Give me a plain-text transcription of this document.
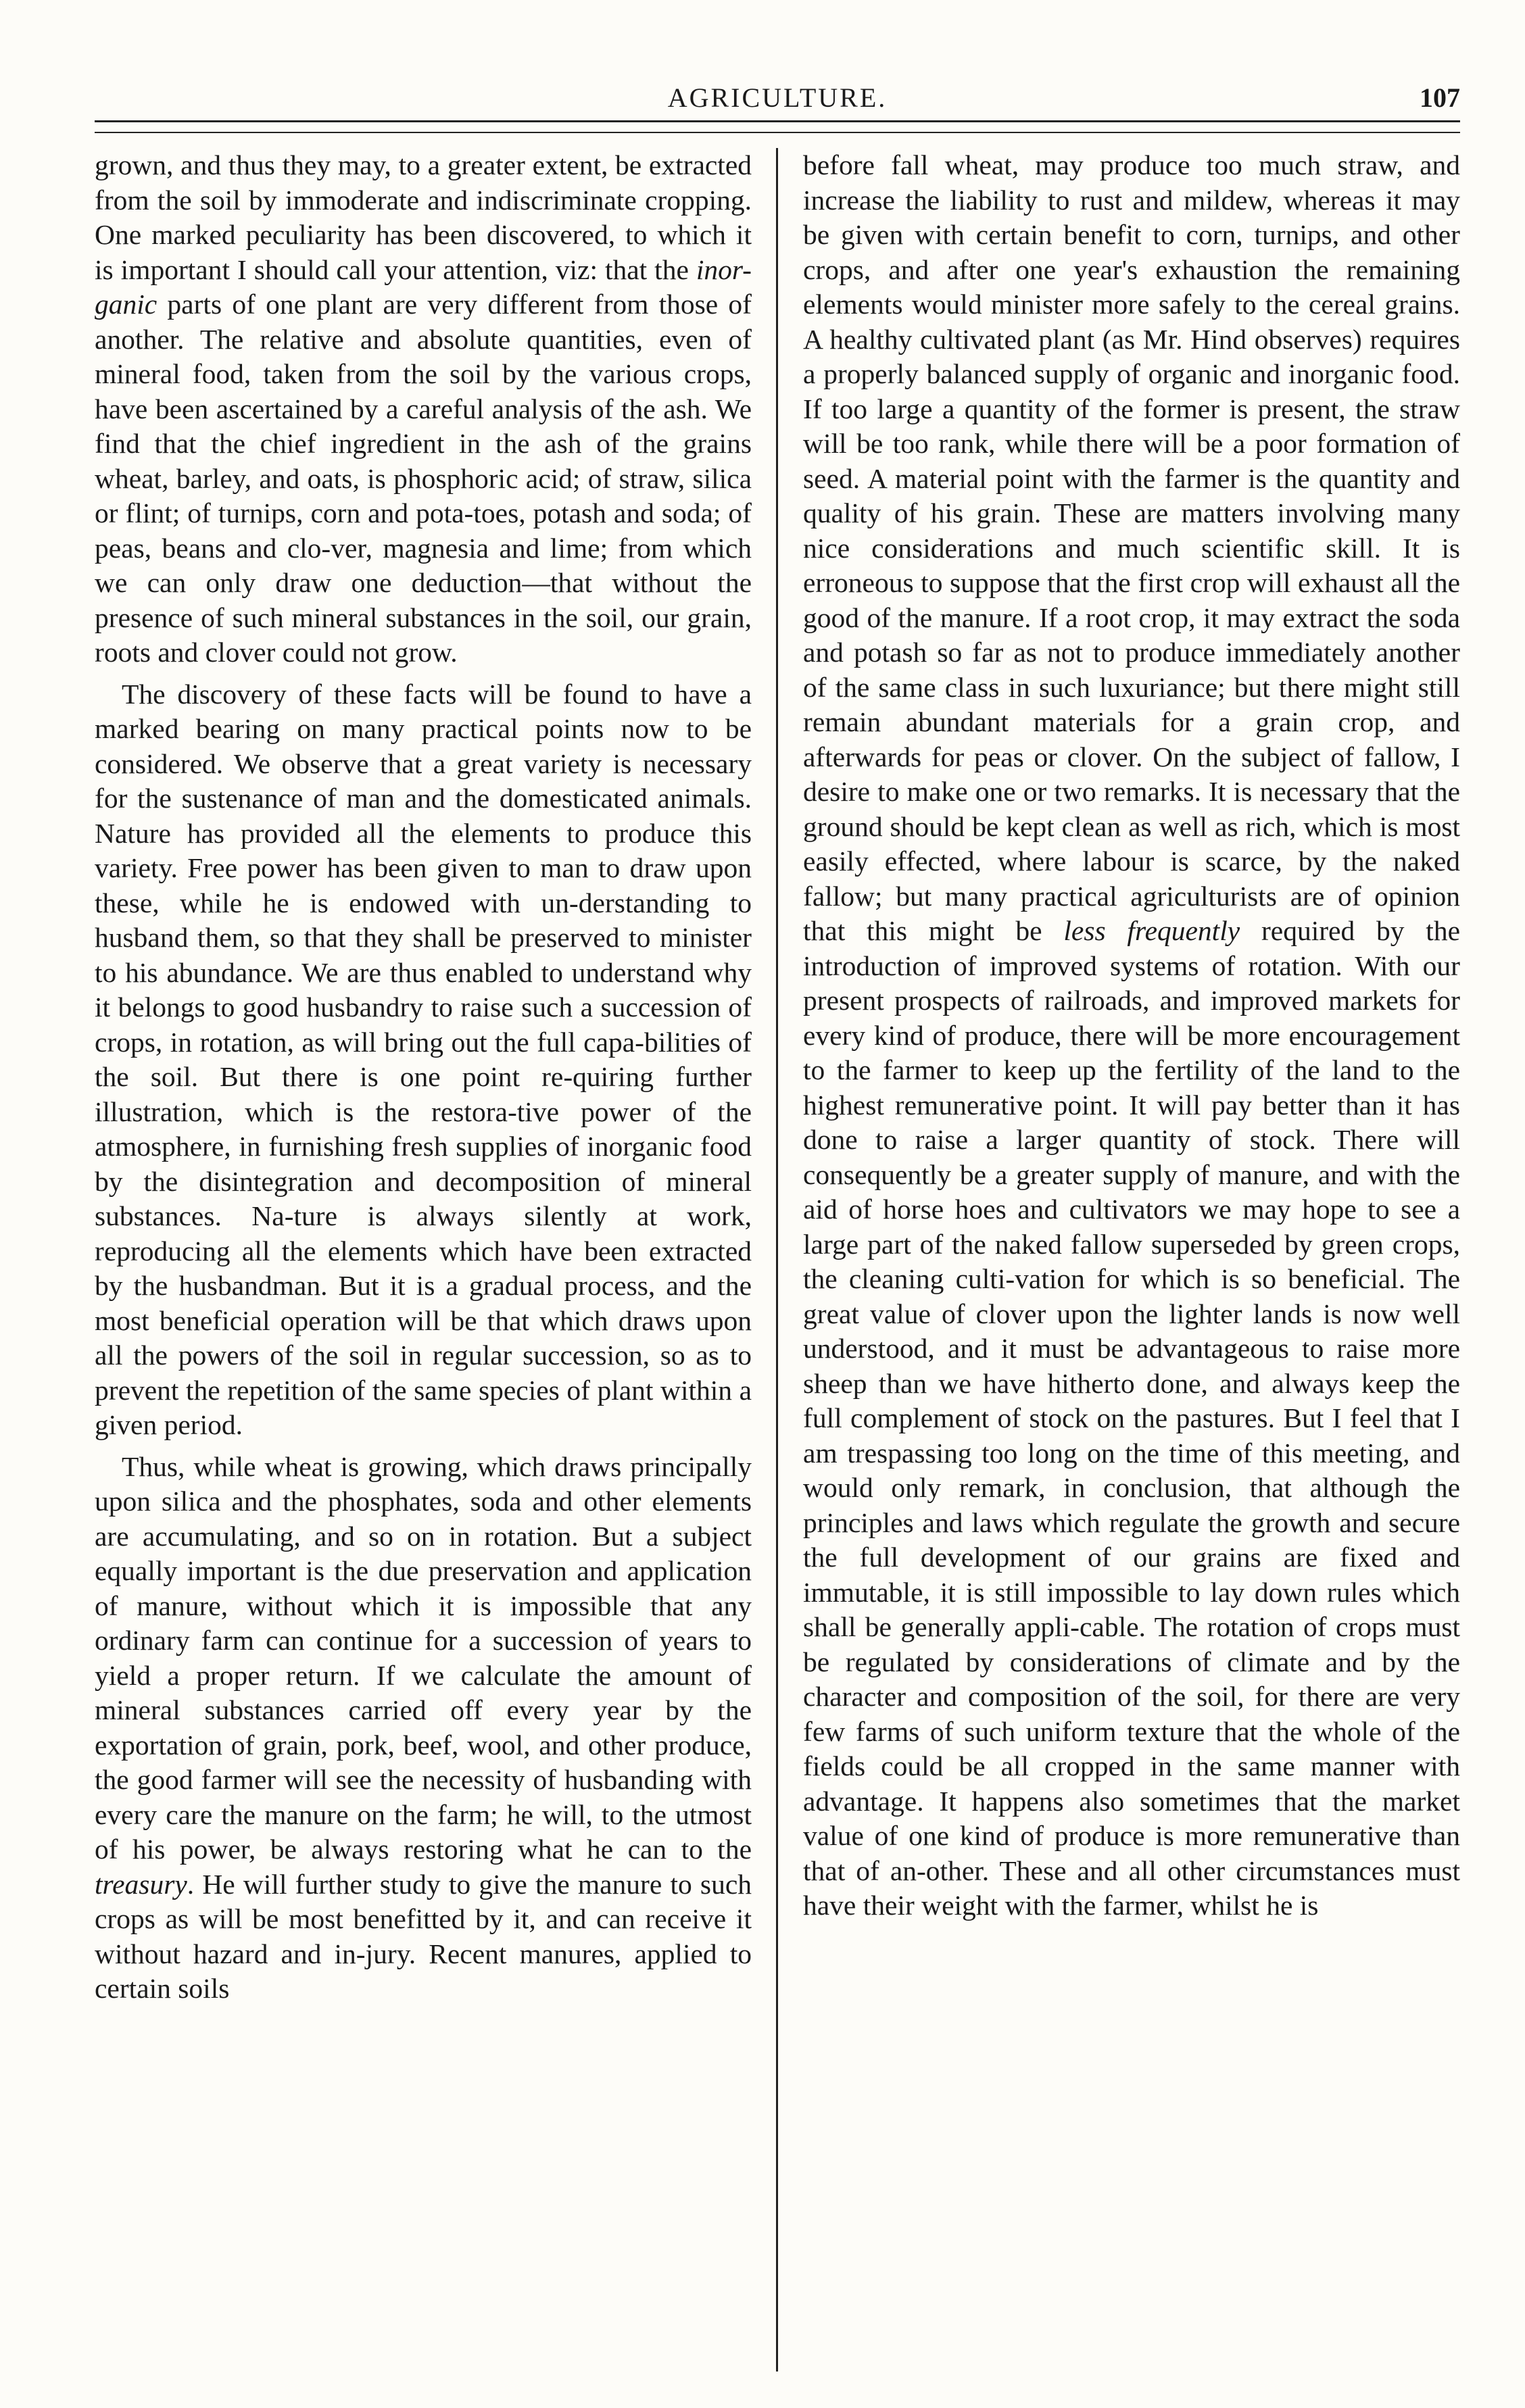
AGRICULTURE.	107

grown, and thus they may, to a greater extent, be extracted from the soil by immoderate and indiscriminate cropping. One marked peculiarity has been discovered, to which it is important I should call your attention, viz: that the inor-ganic parts of one plant are very different from those of another. The relative and absolute quantities, even of mineral food, taken from the soil by the various crops, have been ascertained by a careful analysis of the ash. We find that the chief ingredient in the ash of the grains wheat, barley, and oats, is phosphoric acid; of straw, silica or flint; of turnips, corn and pota-toes, potash and soda; of peas, beans and clo-ver, magnesia and lime; from which we can only draw one deduction—that without the presence of such mineral substances in the soil, our grain, roots and clover could not grow.

The discovery of these facts will be found to have a marked bearing on many practical points now to be considered. We observe that a great variety is necessary for the sustenance of man and the domesticated animals. Nature has provided all the elements to produce this variety. Free power has been given to man to draw upon these, while he is endowed with un-derstanding to husband them, so that they shall be preserved to minister to his abundance. We are thus enabled to understand why it belongs to good husbandry to raise such a succession of crops, in rotation, as will bring out the full capa-bilities of the soil. But there is one point re-quiring further illustration, which is the restora-tive power of the atmosphere, in furnishing fresh supplies of inorganic food by the disintegration and decomposition of mineral substances. Na-ture is always silently at work, reproducing all the elements which have been extracted by the husbandman. But it is a gradual process, and the most beneficial operation will be that which draws upon all the powers of the soil in regular succession, so as to prevent the repetition of the same species of plant within a given period.

Thus, while wheat is growing, which draws principally upon silica and the phosphates, soda and other elements are accumulating, and so on in rotation. But a subject equally important is the due preservation and application of manure, without which it is impossible that any ordinary farm can continue for a succession of years to yield a proper return. If we calculate the amount of mineral substances carried off every year by the exportation of grain, pork, beef, wool, and other produce, the good farmer will see the necessity of husbanding with every care the manure on the farm; he will, to the utmost of his power, be always restoring what he can to the treasury. He will further study to give the manure to such crops as will be most benefitted by it, and can receive it without hazard and in-jury. Recent manures, applied to certain soils

before fall wheat, may produce too much straw, and increase the liability to rust and mildew, whereas it may be given with certain benefit to corn, turnips, and other crops, and after one year's exhaustion the remaining elements would minister more safely to the cereal grains. A healthy cultivated plant (as Mr. Hind observes) requires a properly balanced supply of organic and inorganic food. If too large a quantity of the former is present, the straw will be too rank, while there will be a poor formation of seed. A material point with the farmer is the quantity and quality of his grain. These are matters involving many nice considerations and much scientific skill. It is erroneous to suppose that the first crop will exhaust all the good of the manure. If a root crop, it may extract the soda and potash so far as not to produce immediately another of the same class in such luxuriance; but there might still remain abundant materials for a grain crop, and afterwards for peas or clover. On the subject of fallow, I desire to make one or two remarks. It is necessary that the ground should be kept clean as well as rich, which is most easily effected, where labour is scarce, by the naked fallow; but many practical agriculturists are of opinion that this might be less frequently required by the introduction of improved systems of rotation. With our present prospects of railroads, and improved markets for every kind of produce, there will be more encouragement to the farmer to keep up the fertility of the land to the highest remunerative point. It will pay better than it has done to raise a larger quantity of stock. There will consequently be a greater supply of manure, and with the aid of horse hoes and cultivators we may hope to see a large part of the naked fallow superseded by green crops, the cleaning culti-vation for which is so beneficial. The great value of clover upon the lighter lands is now well understood, and it must be advantageous to raise more sheep than we have hitherto done, and always keep the full complement of stock on the pastures. But I feel that I am trespassing too long on the time of this meeting, and would only remark, in conclusion, that although the principles and laws which regulate the growth and secure the full development of our grains are fixed and immutable, it is still impossible to lay down rules which shall be generally appli-cable. The rotation of crops must be regulated by considerations of climate and by the character and composition of the soil, for there are very few farms of such uniform texture that the whole of the fields could be all cropped in the same manner with advantage. It happens also sometimes that the market value of one kind of produce is more remunerative than that of an-other. These and all other circumstances must have their weight with the farmer, whilst he is
